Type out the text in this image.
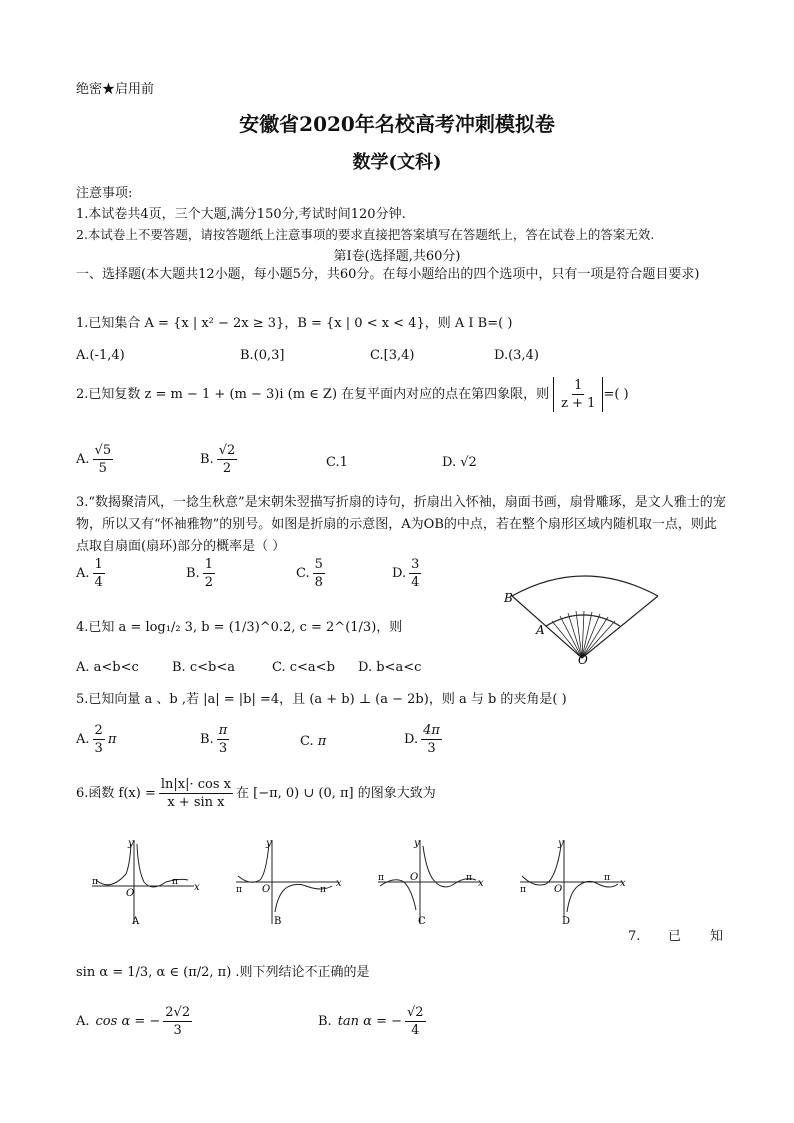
绝密★启用前
安徽省2020年名校高考冲刺模拟卷
数学(文科)
注意事项:
1.本试卷共4页，三个大题,满分150分,考试时间120分钟.
2.本试卷上不要答题，请按答题纸上注意事项的要求直接把答案填写在答题纸上，答在试卷上的答案无效.
第I卷(选择题,共60分)
一、选择题(本大题共12小题，每小题5分，共60分。在每小题给出的四个选项中，只有一项是符合题目要求)
1.已知集合 A = {x | x² − 2x ≥ 3}，B = {x | 0 < x < 4}，则 A I B=( )
A.(-1,4)	B.(0,3]	C.[3,4)	D.(3,4)
2.已知复数 z = m − 1 + (m − 3)i (m ∈ Z) 在复平面内对应的点在第四象限，则 $\frac{1}{z + 1}$ =( )
A. $\frac{√5}{5}$	B. $\frac{√2}{2}$	C.1	D. √2
3.“数揭聚清风，一捻生秋意”是宋朝朱翌描写折扇的诗句，折扇出入怀袖，扇面书画，扇骨雕琢，是文人雅士的宠物，所以又有“怀袖雅物”的别号。如图是折扇的示意图，A为OB的中点，若在整个扇形区域内随机取一点，则此点取自扇面(扇环)部分的概率是（ ）
A. $\frac{1}{4}$	B. $\frac{1}{2}$	C. $\frac{5}{8}$	D. $\frac{3}{4}$
B
A
O
4.已知 a = log₁/₂ 3, b = (1/3)^0.2, c = 2^(1/3)，则
A. a<b<c	B. c<b<a	C. c<a<b D. b<a<c
5.已知向量 a 、b ,若 |a| = |b| =4，且 (a + b) ⊥ (a − 2b)，则 a 与 b 的夹角是( )
A. $\frac{2}{3}$ π	B. $\frac{\pi}{3}$	C. π	D. $\frac{4\pi}{3}$
6.函数 $f(x) = \frac{\text{ln|x|· cos x}}{\text{x + sin x}}$ 在 [−π, 0) ∪ (0, π] 的图象大致为
y
x
O
π	π
A
y
x
O
π	π
B
y
x
O
π	π
C
y
x
O
π
π
D
7. 已 知
sin α = 1/3, α ∈ (π/2, π) .则下列结论不正确的是
A. cos α = − $\frac{2√2}{3}$	B. tan α = − $\frac{√2}{4}$
